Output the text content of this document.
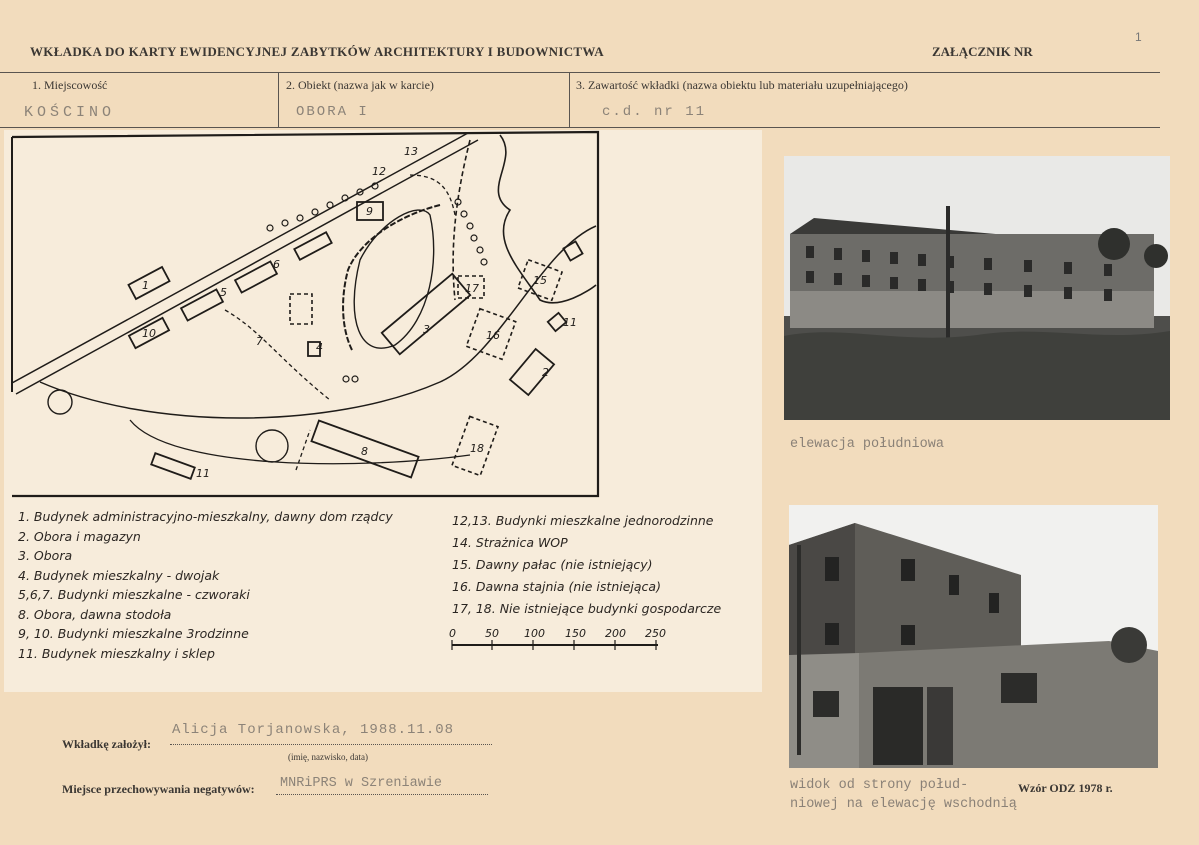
1
WKŁADKA DO KARTY EWIDENCYJNEJ ZABYTKÓW ARCHITEKTURY I BUDOWNICTWA	ZAŁĄCZNIK NR
1. Miejscowość
KOŚCINO
2. Obiekt (nazwa jak w karcie)
OBORA I
3. Zawartość wkładki (nazwa obiektu lub materiału uzupełniającego)
c.d. nr 11
1
2
3
4
5
6
7
8
9
10
11
12
13
15
16
17
18
11
0	50 100 150 200 250
1. Budynek administracyjno-mieszkalny, dawny dom rządcy
2. Obora i magazyn
3. Obora
4. Budynek mieszkalny - dwojak
5,6,7. Budynki mieszkalne - czworaki
8. Obora, dawna stodoła
9, 10. Budynki mieszkalne 3rodzinne
11. Budynek mieszkalny i sklep
12,13. Budynki mieszkalne jednorodzinne
14. Strażnica WOP
15. Dawny pałac (nie istniejący)
16. Dawna stajnia (nie istniejąca)
17, 18. Nie istniejące budynki gospodarcze
elewacja południowa
widok od strony połud-
niowej na elewację wschodnią
Wzór ODZ 1978 r.
Wkładkę założył:
Alicja Torjanowska, 1988.11.08
(imię, nazwisko, data)
Miejsce przechowywania negatywów: MNRiPRS w Szreniawie
